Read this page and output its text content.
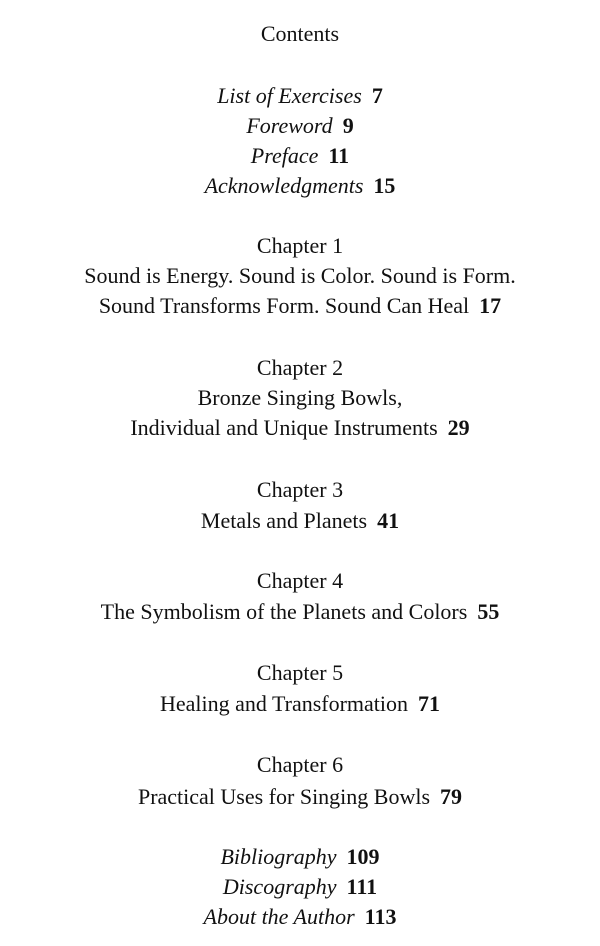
Contents
List of Exercises 7
Foreword 9
Preface 11
Acknowledgments 15
Chapter 1
Sound is Energy. Sound is Color. Sound is Form.
Sound Transforms Form. Sound Can Heal 17
Chapter 2
Bronze Singing Bowls,
Individual and Unique Instruments 29
Chapter 3
Metals and Planets 41
Chapter 4
The Symbolism of the Planets and Colors 55
Chapter 5
Healing and Transformation 71
Chapter 6
Practical Uses for Singing Bowls 79
Bibliography 109
Discography 111
About the Author 113
